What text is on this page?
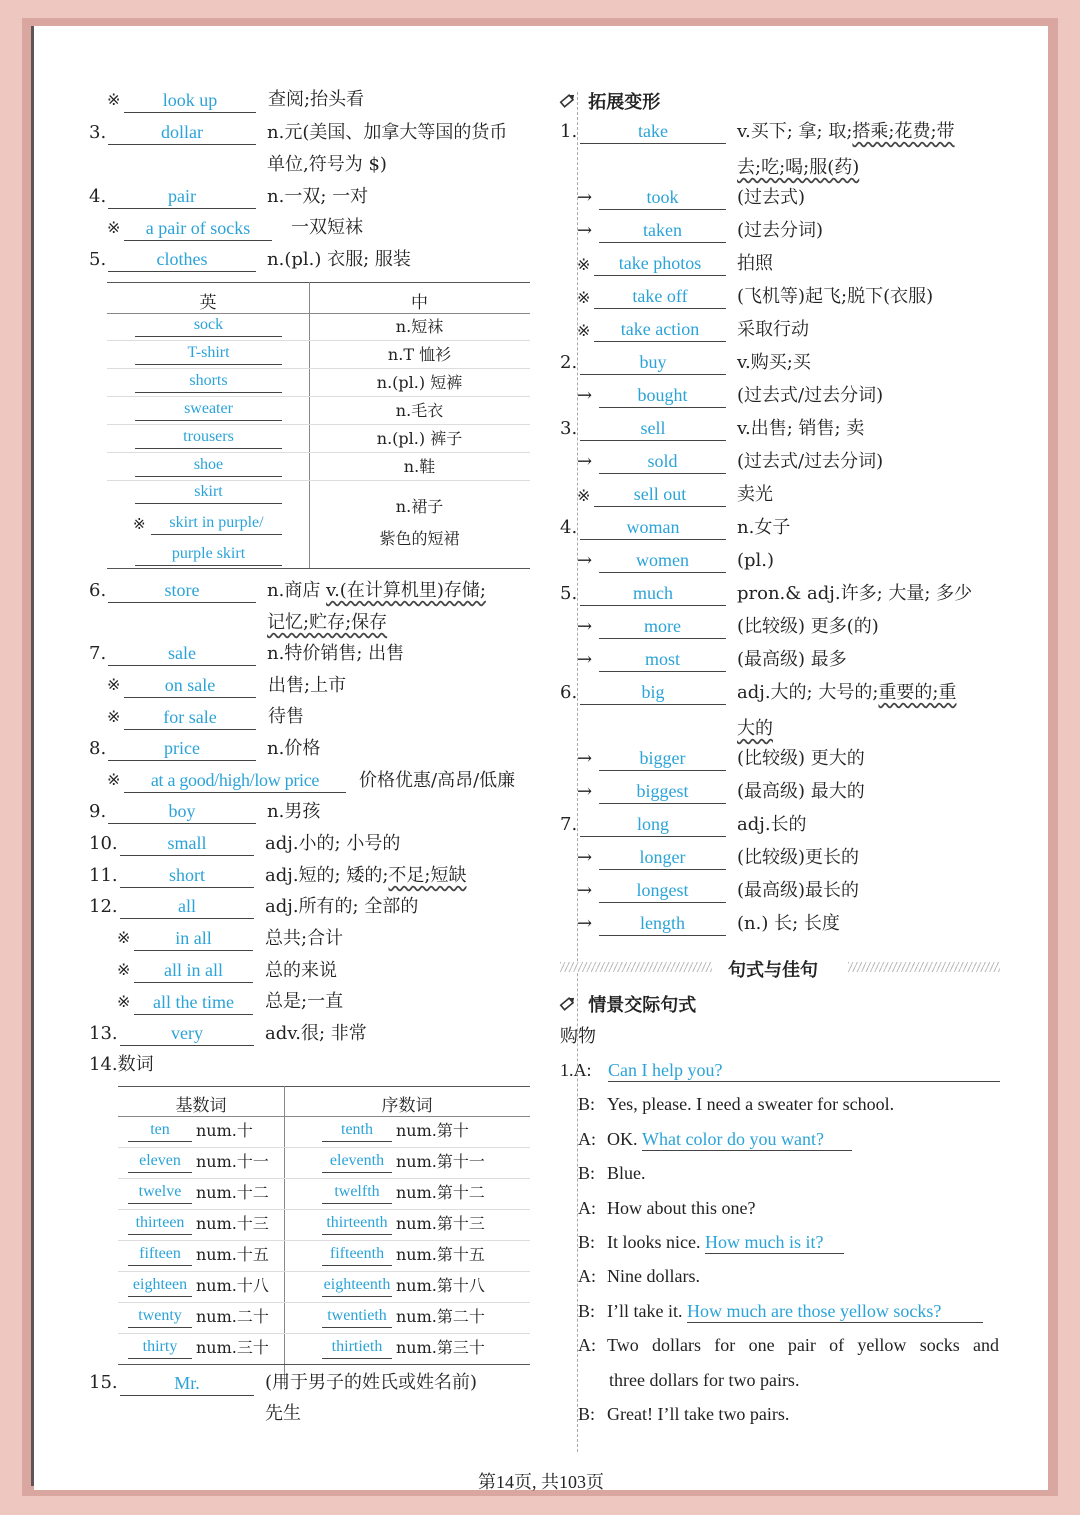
※	look up	查阅;抬头看
3.	dollar	n.元(美国、加拿大等国的货币
单位,符号为 $)
4.	pair	n.一双; 一对
※	a pair of socks	一双短袜
5.	clothes	n.(pl.) 衣服; 服装
英	中
sock	n.短袜
T-shirt	n.T 恤衫
shorts	n.(pl.) 短裤
sweater	n.毛衣
trousers	n.(pl.) 裤子
shoe	n.鞋
skirt
※	skirt in purple/
purple skirt
n.裙子
紫色的短裙
6.	store	n.商店 v.(在计算机里)存储;
记忆;贮存;保存
7.	sale	n.特价销售; 出售
※	on sale	出售;上市
※	for sale	待售
8.	price	n.价格
※	at a good/high/low price	价格优惠/高昂/低廉
9.	boy	n.男孩
10.	small	adj.小的; 小号的
11.	short	adj.短的; 矮的;不足;短缺
12.	all	adj.所有的; 全部的
※	in all	总共;合计
※	all in all	总的来说
※	all the time	总是;一直
13.	very	adv.很; 非常
14.数词
基数词	序数词
ten	num.十	tenth	num.第十
eleven num.十一	eleventh num.第十一
twelve num.十二	twelfth	num.第十二
thirteen num.十三	thirteenth num.第十三
fifteen num.十五	fifteenth num.第十五
eighteen num.十八	eighteenth num.第十八
twenty num.二十	twentieth num.第二十
thirty	num.三十	thirtieth num.第三十
15.	Mr.	(用于男子的姓氏或姓名前)
先生
拓展变形
1.	take	v.买下; 拿; 取;搭乘;花费;带
去;吃;喝;服(药)
→	took	(过去式)
→	taken	(过去分词)
※	take photos	拍照
※	take off	(飞机等)起飞;脱下(衣服)
※	take action	采取行动
2.	buy	v.购买;买
→	bought	(过去式/过去分词)
3.	sell	v.出售; 销售; 卖
→	sold	(过去式/过去分词)
※	sell out	卖光
4.	woman	n.女子
→	women	(pl.)
5.	much	pron.& adj.许多; 大量; 多少
→	more	(比较级) 更多(的)
→	most	(最高级) 最多
6.	big	adj.大的; 大号的;重要的;重
大的
→	bigger	(比较级) 更大的
→	biggest	(最高级) 最大的
7.	long	adj.长的
→	longer	(比较级)更长的
→	longest	(最高级)最长的
→	length	(n.) 长; 长度
句式与佳句
情景交际句式
购物
1.A: Can I help you?
B: Yes, please. I need a sweater for school.
A: OK. What color do you want?
B: Blue.
A: How about this one?
B: It looks nice. How much is it?
A: Nine dollars.
B: I’ll take it. How much are those yellow socks?
A: Two dollars for one pair of yellow socks and
three dollars for two pairs.
B: Great! I’ll take two pairs.
第14页, 共103页
